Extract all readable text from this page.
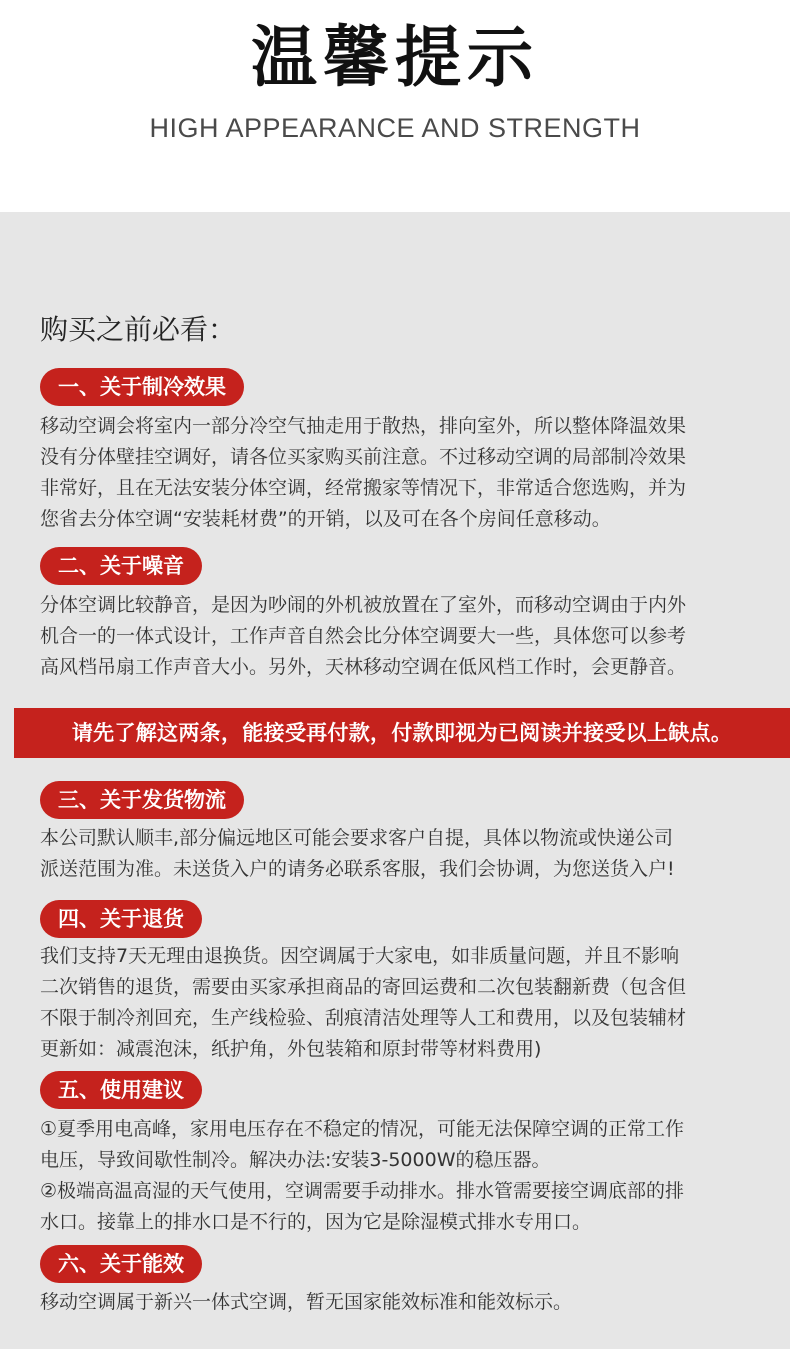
温馨提示
HIGH APPEARANCE AND STRENGTH
购买之前必看：
一、关于制冷效果
移动空调会将室内一部分冷空气抽走用于散热，排向室外，所以整体降温效果
没有分体壁挂空调好，请各位买家购买前注意。不过移动空调的局部制冷效果
非常好，且在无法安装分体空调，经常搬家等情况下，非常适合您选购，并为
您省去分体空调“安装耗材费”的开销，以及可在各个房间任意移动。
二、关于噪音
分体空调比较静音，是因为吵闹的外机被放置在了室外，而移动空调由于内外
机合一的一体式设计，工作声音自然会比分体空调要大一些，具体您可以参考
高风档吊扇工作声音大小。另外，天林移动空调在低风档工作时，会更静音。
请先了解这两条，能接受再付款，付款即视为已阅读并接受以上缺点。
三、关于发货物流
本公司默认顺丰,部分偏远地区可能会要求客户自提，具体以物流或快递公司
派送范围为准。未送货入户的请务必联系客服，我们会协调，为您送货入户!
四、关于退货
我们支持7天无理由退换货。因空调属于大家电，如非质量问题，并且不影响
二次销售的退货，需要由买家承担商品的寄回运费和二次包装翻新费（包含但
不限于制冷剂回充，生产线检验、刮痕清洁处理等人工和费用，以及包装辅材
更新如：减震泡沫，纸护角，外包装箱和原封带等材料费用)
五、使用建议
①夏季用电高峰，家用电压存在不稳定的情况，可能无法保障空调的正常工作
电压，导致间歇性制冷。解决办法:安装3-5000W的稳压器。
②极端高温高湿的天气使用，空调需要手动排水。排水管需要接空调底部的排
水口。接靠上的排水口是不行的，因为它是除湿模式排水专用口。
六、关于能效
移动空调属于新兴一体式空调，暂无国家能效标准和能效标示。
